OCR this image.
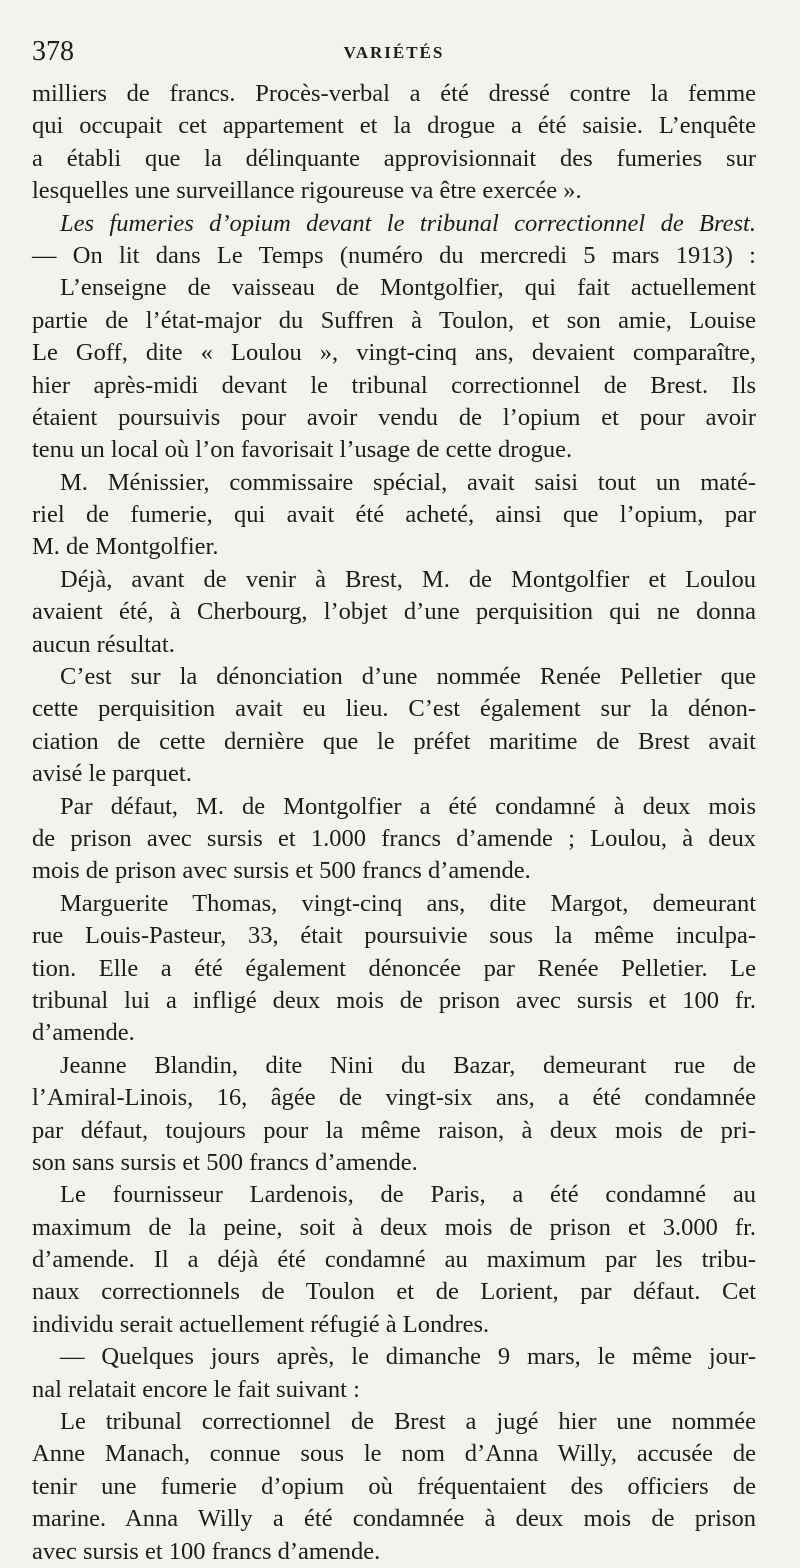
378	VARIÉTÉS
milliers de francs. Procès-verbal a été dressé contre la femme
qui occupait cet appartement et la drogue a été saisie. L’enquête
a établi que la délinquante approvisionnait des fumeries sur
lesquelles une surveillance rigoureuse va être exercée ».
Les fumeries d’opium devant le tribunal correctionnel de Brest.
— On lit dans Le Temps (numéro du mercredi 5 mars 1913) :
L’enseigne de vaisseau de Montgolfier, qui fait actuellement
partie de l’état-major du Suffren à Toulon, et son amie, Louise
Le Goff, dite « Loulou », vingt-cinq ans, devaient comparaître,
hier après-midi devant le tribunal correctionnel de Brest. Ils
étaient poursuivis pour avoir vendu de l’opium et pour avoir
tenu un local où l’on favorisait l’usage de cette drogue.
M. Ménissier, commissaire spécial, avait saisi tout un maté-
riel de fumerie, qui avait été acheté, ainsi que l’opium, par
M. de Montgolfier.
Déjà, avant de venir à Brest, M. de Montgolfier et Loulou
avaient été, à Cherbourg, l’objet d’une perquisition qui ne donna
aucun résultat.
C’est sur la dénonciation d’une nommée Renée Pelletier que
cette perquisition avait eu lieu. C’est également sur la dénon-
ciation de cette dernière que le préfet maritime de Brest avait
avisé le parquet.
Par défaut, M. de Montgolfier a été condamné à deux mois
de prison avec sursis et 1.000 francs d’amende ; Loulou, à deux
mois de prison avec sursis et 500 francs d’amende.
Marguerite Thomas, vingt-cinq ans, dite Margot, demeurant
rue Louis-Pasteur, 33, était poursuivie sous la même inculpa-
tion. Elle a été également dénoncée par Renée Pelletier. Le
tribunal lui a infligé deux mois de prison avec sursis et 100 fr.
d’amende.
Jeanne Blandin, dite Nini du Bazar, demeurant rue de
l’Amiral-Linois, 16, âgée de vingt-six ans, a été condamnée
par défaut, toujours pour la même raison, à deux mois de pri-
son sans sursis et 500 francs d’amende.
Le fournisseur Lardenois, de Paris, a été condamné au
maximum de la peine, soit à deux mois de prison et 3.000 fr.
d’amende. Il a déjà été condamné au maximum par les tribu-
naux correctionnels de Toulon et de Lorient, par défaut. Cet
individu serait actuellement réfugié à Londres.
— Quelques jours après, le dimanche 9 mars, le même jour-
nal relatait encore le fait suivant :
Le tribunal correctionnel de Brest a jugé hier une nommée
Anne Manach, connue sous le nom d’Anna Willy, accusée de
tenir une fumerie d’opium où fréquentaient des officiers de
marine. Anna Willy a été condamnée à deux mois de prison
avec sursis et 100 francs d’amende.
